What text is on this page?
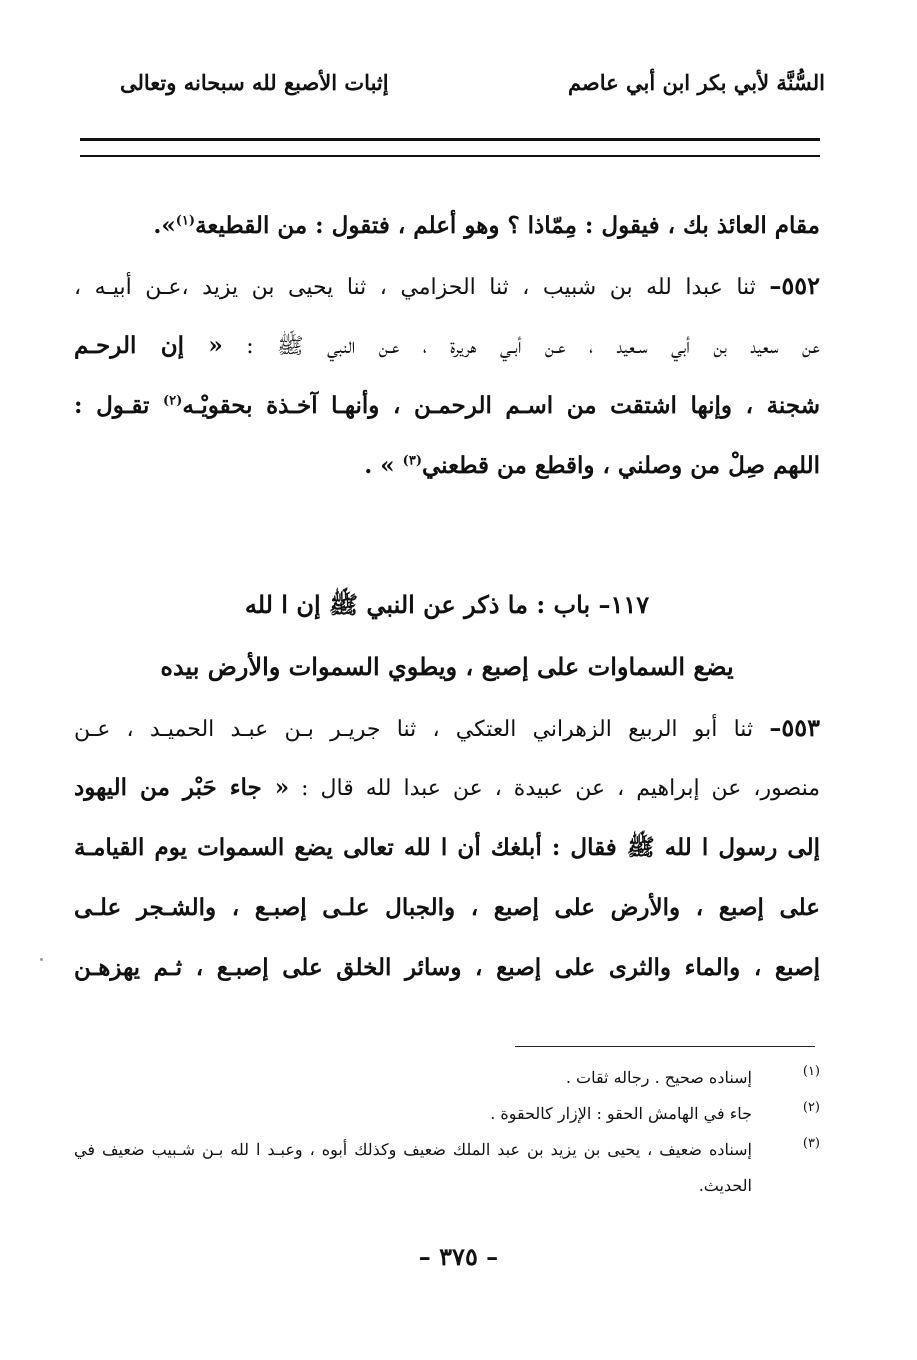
السُّنَّة لأبي بكر ابن أبي عاصم
إثبات الأصبع لله سبحانه وتعالى
مقام العائذ بك ، فيقول : مِمّاذا ؟ وهو أعلم ، فتقول : من القطيعة$^{(١)}$».
٥٥٢– ثنا عبدا لله بن شبيب ، ثنا الحزامي ، ثنا يحيى بن يزيد ،عـن أبيـه ،
عن سعيد بن أبي سـعيد ، عـن أبـي هريرة ، عـن النبي ﷺ : « إن الرحـم
شجنة ، وإنها اشتقت من اسـم الرحمـن ، وأنهـا آخـذة بحقويْـه$^{(٢)}$ تقـول :
اللهم صِلْ من وصلني ، واقطع من قطعني$^{(٣)}$ » .
١١٧– باب : ما ذكر عن النبي ﷺ إن ا لله
يضع السماوات على إصبع ، ويطوي السموات والأرض بيده
٥٥٣– ثنا أبو الربيع الزهراني العتكي ، ثنا جريـر بـن عبـد الحميـد ، عـن
منصور، عن إبراهيم ، عن عبيدة ، عن عبدا لله قال : « جاء حَبْر من اليهود
إلى رسول ا لله ﷺ فقال : أبلغك أن ا لله تعالى يضع السموات يوم القيامـة
على إصبع ، والأرض على إصبع ، والجبال علـى إصبـع ، والشـجر علـى
إصبع ، والماء والثرى على إصبع ، وسائر الخلق على إصبـع ، ثـم يهزهـن
(١)
إسناده صحيح . رجاله ثقات .
(٢)
جاء في الهامش الحقو : الإزار كالحقوة .
(٣)
إسناده ضعيف ، يحيى بن يزيد بن عبد الملك ضعيف وكذلك أبوه ، وعبـد ا لله بـن شـبيب ضعيف في الحديث.
– ٣٧٥ –
